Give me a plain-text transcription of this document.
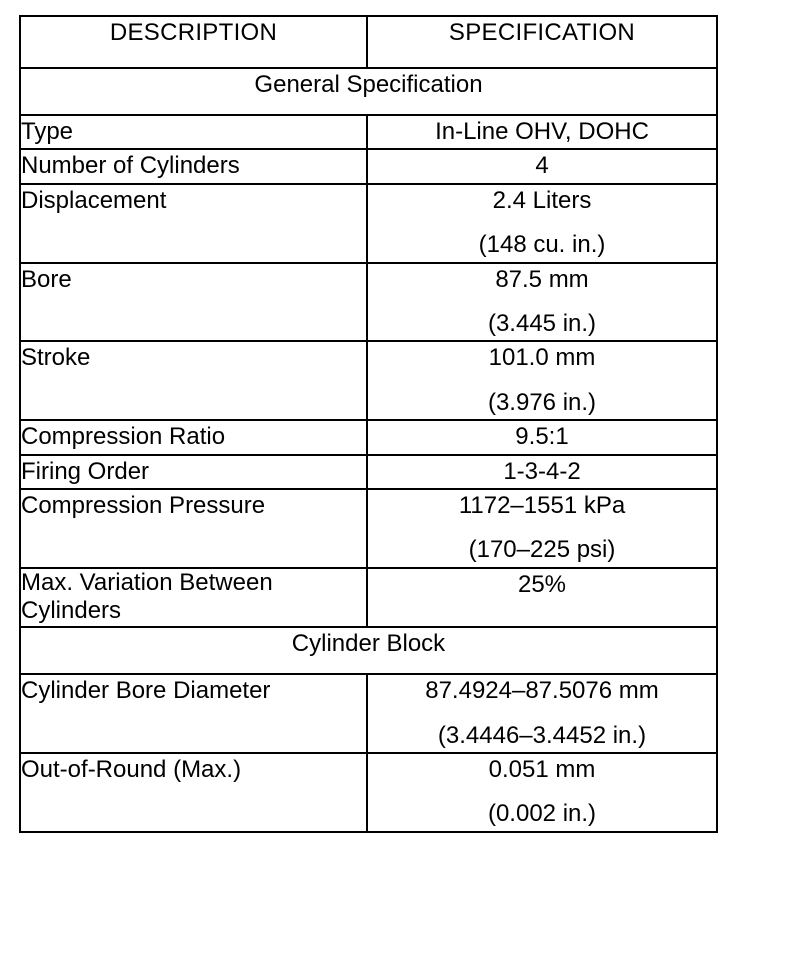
DESCRIPTION	SPECIFICATION
General Specification	
Type	In-Line OHV, DOHC

Number of Cylinders	4

Displacement	2.4 Liters
(148 cu. in.)

Bore	87.5 mm
(3.445 in.)

Stroke	101.0 mm
(3.976 in.)

Compression Ratio	9.5:1

Firing Order	1-3-4-2

Compression Pressure	1172–1551 kPa
(170–225 psi)

Max. Variation Between
Cylinders	25%

Cylinder Block	
Cylinder Bore Diameter	87.4924–87.5076 mm
(3.4446–3.4452 in.)

Out-of-Round (Max.)	0.051 mm
(0.002 in.)
